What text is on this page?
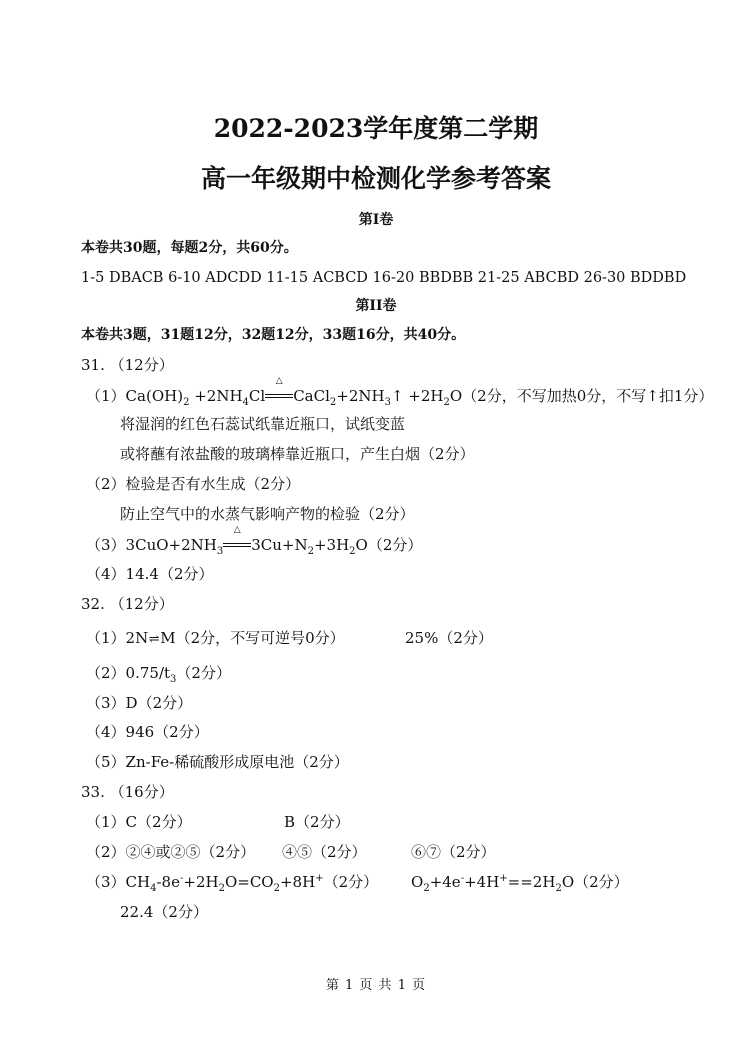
2022-2023学年度第二学期
高一年级期中检测化学参考答案
第I卷
本卷共30题，每题2分，共60分。
1-5 DBACB 6-10 ADCDD 11-15 ACBCD 16-20 BBDBB 21-25 ABCBD 26-30 BDDBD
第II卷
本卷共3题，31题12分，32题12分，33题16分，共40分。
31. （12分）
$(1)Ca(OH)_2 +2NH_4Cl$
△
$CaCl_2+2NH_3↑ +2H_2O(2$分，不写加热0分，不写↑扣1分）
将湿润的红色石蕊试纸靠近瓶口，试纸变蓝
或将蘸有浓盐酸的玻璃棒靠近瓶口，产生白烟（2分）
（2）检验是否有水生成（2分）
防止空气中的水蒸气影响产物的检验（2分）
$(3)3CuO+2NH_3$
△
$3Cu+N_2+3H_2O(2$分）
（4）14.4（2分）
32. （12分）
（1）2N⇌M（2分，不写可逆号0分）	25%（2分）
$(2)0.75/t_3(2$分）
（3）D（2分）
（4）946（2分）
（5）Zn-Fe-稀硫酸形成原电池（2分）
33. （16分）
（1）C（2分）	B（2分）
（2）②④或②⑤（2分） ④⑤（2分）	⑥⑦（2分）
$(3)CH_4-8e^-+2H_2O=CO_2+8H^+(2$分） $O_2+4e^-+4H^+==2H_2O(2$分）
22.4（2分）
第 1 页 共 1 页
